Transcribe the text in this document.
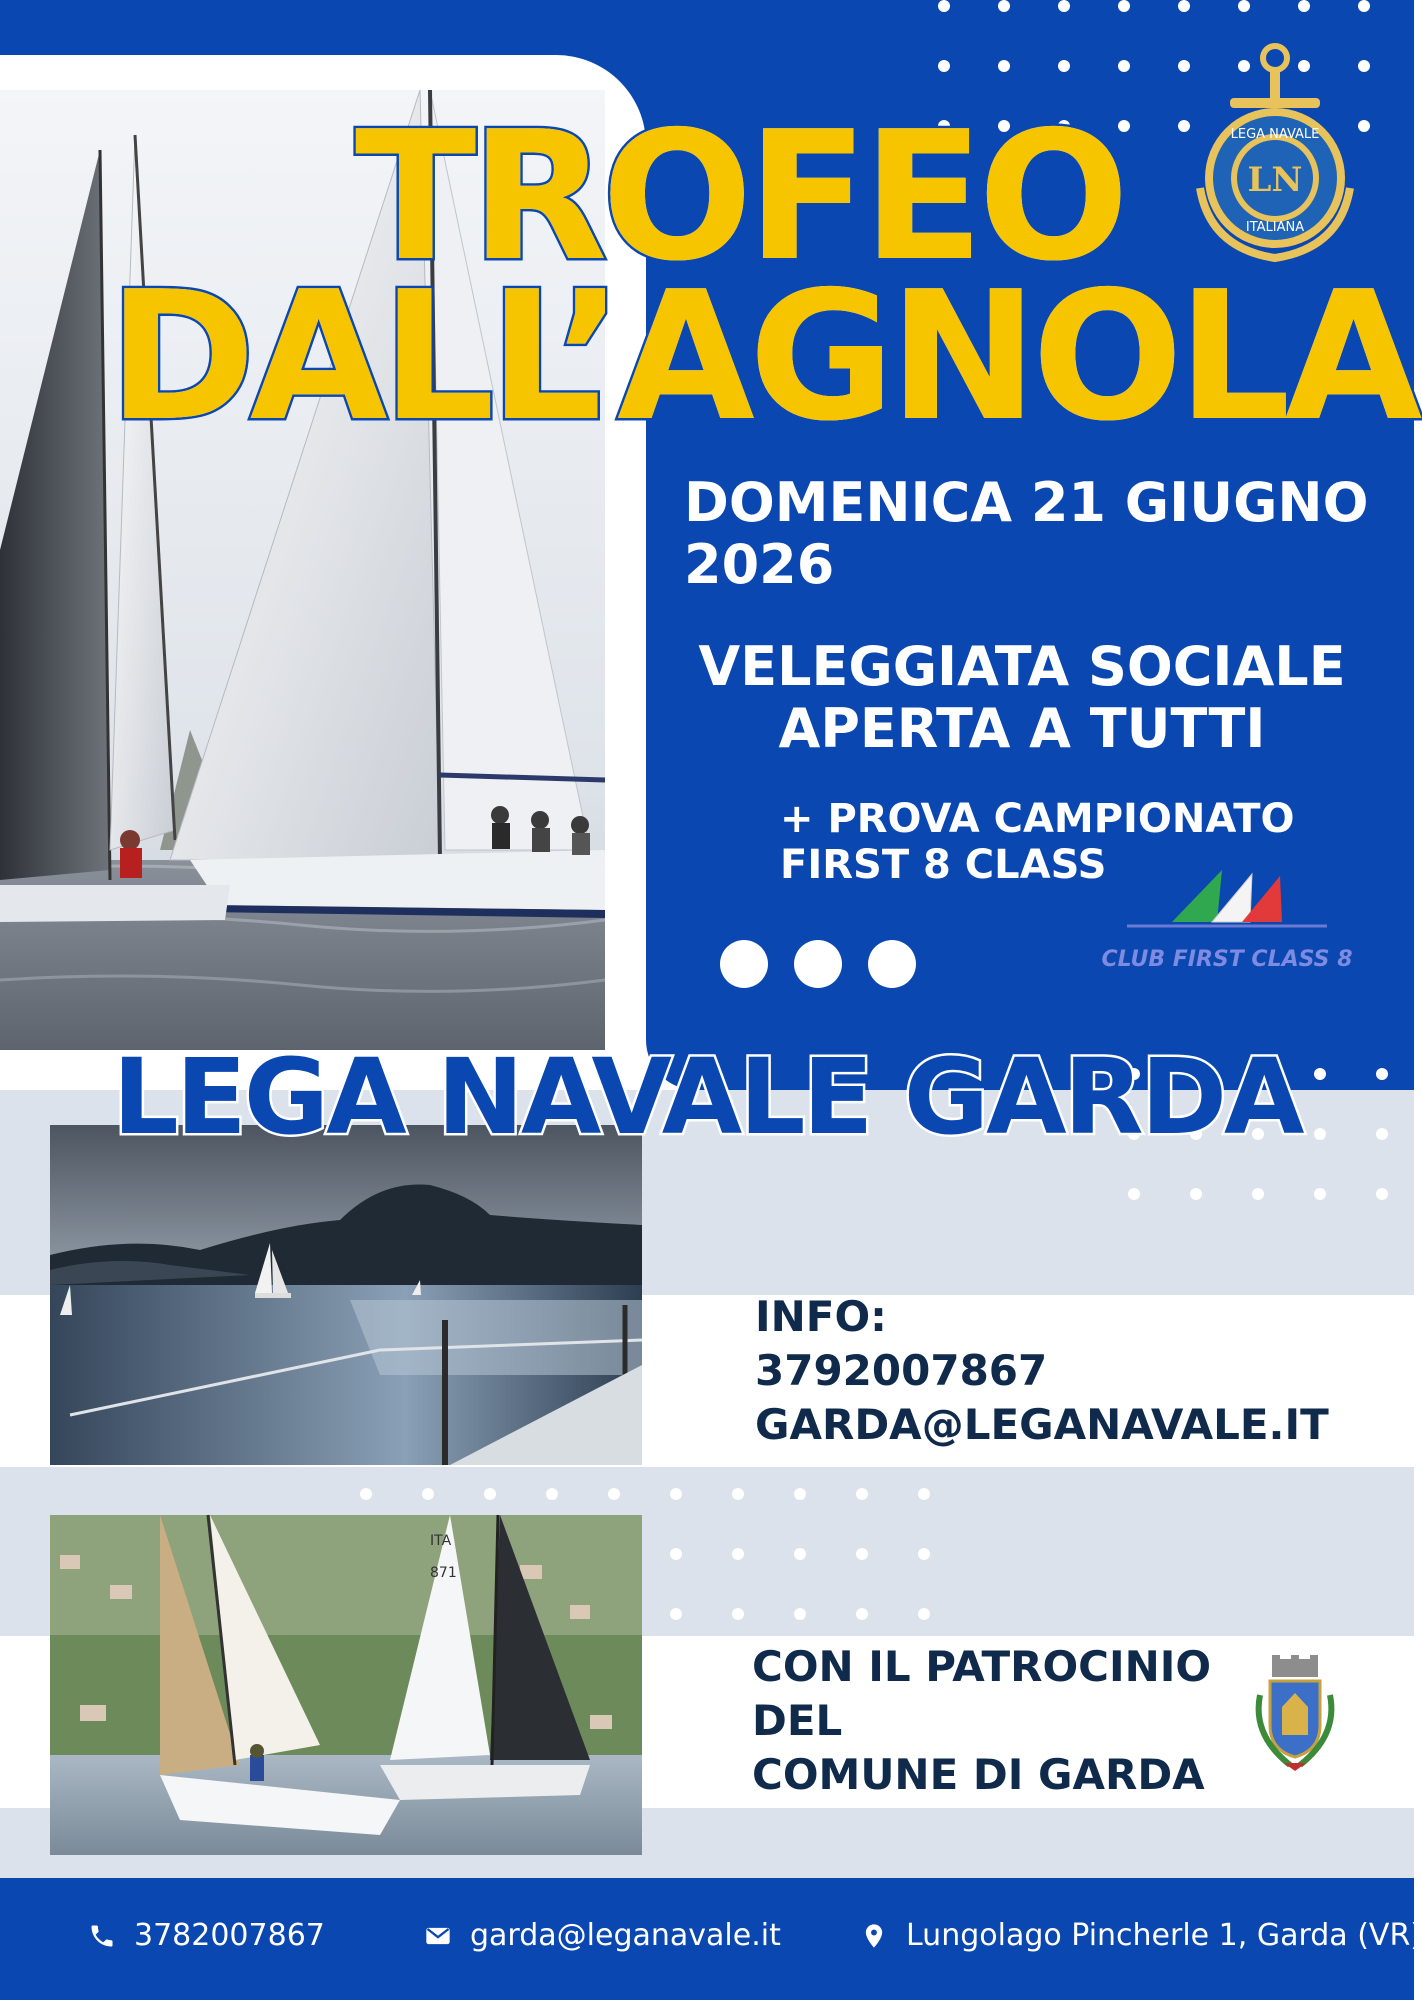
ITA
871
LN
LEGA NAVALE
ITALIANA
TROFEO
DALL’AGNOLA
DOMENICA 21 GIUGNO 2026
VELEGGIATA SOCIALE
APERTA A TUTTI
+ PROVA CAMPIONATO
FIRST 8 CLASS
CLUB FIRST CLASS 8
LEGA NAVALE GARDA
INFO:
3792007867
GARDA@LEGANAVALE.IT
CON IL PATROCINIO
DEL
COMUNE DI GARDA
3782007867	garda@leganavale.it	Lungolago Pincherle 1, Garda (VR)
